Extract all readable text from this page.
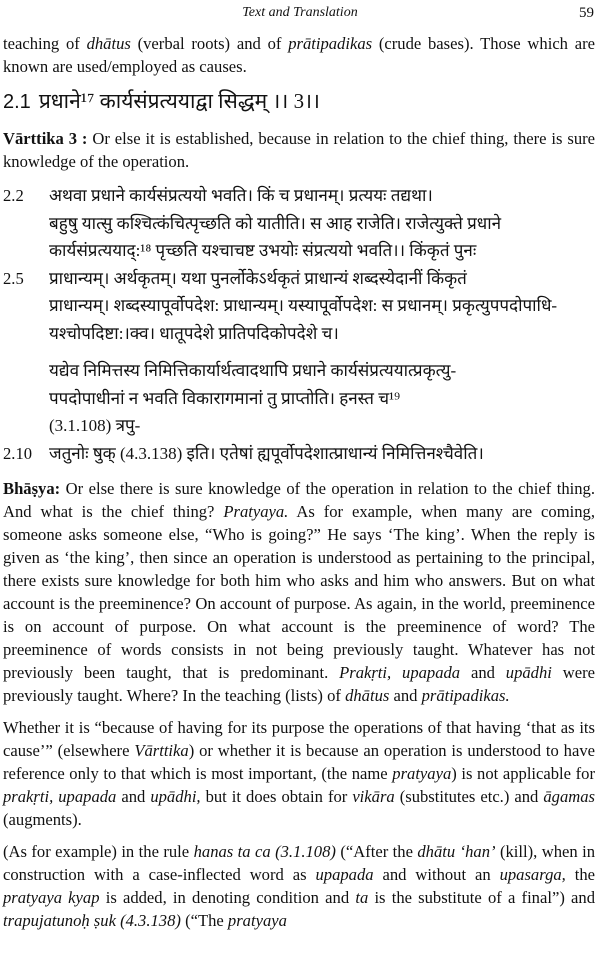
Text and Translation	59

teaching of dhātus (verbal roots) and of prātipadikas (crude bases). Those which are known are used/employed as causes.

2.1 प्रधाने¹⁷ कार्यसंप्रत्ययाद्वा सिद्धम् ।। 3।।

Vārttika 3 : Or else it is established, because in relation to the chief thing, there is sure knowledge of the operation.

2.2 अथवा प्रधाने कार्यसंप्रत्ययो भवति। किं च प्रधानम्। प्रत्ययः तद्यथा।
बहुषु यात्सु कश्चित्कंचित्पृच्छति को यातीति। स आह राजेति। राजेत्युक्ते प्रधाने
कार्यसंप्रत्ययाद्:¹⁸ पृच्छति यश्चाचष्ट उभयोः संप्रत्ययो भवति।। किंकृतं पुनः
2.5 प्राधान्यम्। अर्थकृतम्। यथा पुनर्लोकेऽर्थकृतं प्राधान्यं शब्दस्येदानीं किंकृतं
प्राधान्यम्। शब्दस्यापूर्वोपदेश: प्राधान्यम्। यस्यापूर्वोपदेश: स प्रधानम्। प्रकृत्युपपदोपाधि-
यश्चोपदिष्टा:।क्व। धातूपदेशे प्रातिपदिकोपदेशे च।
यद्येव निमित्तस्य निमित्तिकार्यार्थत्वादथापि प्रधाने कार्यसंप्रत्ययात्प्रकृत्यु-
पपदोपाधीनां न भवति विकारागमानां तु प्राप्तोति। हनस्त च¹⁹
(3.1.108) त्रपु-
2.10 जतुनोः षुक् (4.3.138) इति। एतेषां ह्यपूर्वोपदेशात्प्राधान्यं निमित्तिनश्चैवेति।

Bhāṣya: Or else there is sure knowledge of the operation in relation to the chief thing. And what is the chief thing? Pratyaya. As for example, when many are coming, someone asks someone else, “Who is going?” He says ‘The king’. When the reply is given as ‘the king’, then since an operation is understood as pertaining to the principal, there exists sure knowledge for both him who asks and him who answers. But on what account is the preeminence? On account of purpose. As again, in the world, preeminence is on account of purpose. On what account is the preeminence of word? The preeminence of words consists in not being previously taught. Whatever has not previously been taught, that is predominant. Prakṛti, upapada and upādhi were previously taught. Where? In the teaching (lists) of dhātus and prātipadikas.

Whether it is “because of having for its purpose the operations of that having ‘that as its cause’” (elsewhere Vārttika) or whether it is because an operation is understood to have reference only to that which is most important, (the name pratyaya) is not applicable for prakṛti, upapada and upādhi, but it does obtain for vikāra (substitutes etc.) and āgamas (augments).

(As for example) in the rule hanas ta ca (3.1.108) (“After the dhātu ‘han’ (kill), when in construction with a case-inflected word as upapada and without an upasarga, the pratyaya kyap is added, in denoting condition and ta is the substitute of a final”) and trapujatunoḥ ṣuk (4.3.138) (“The pratyaya
